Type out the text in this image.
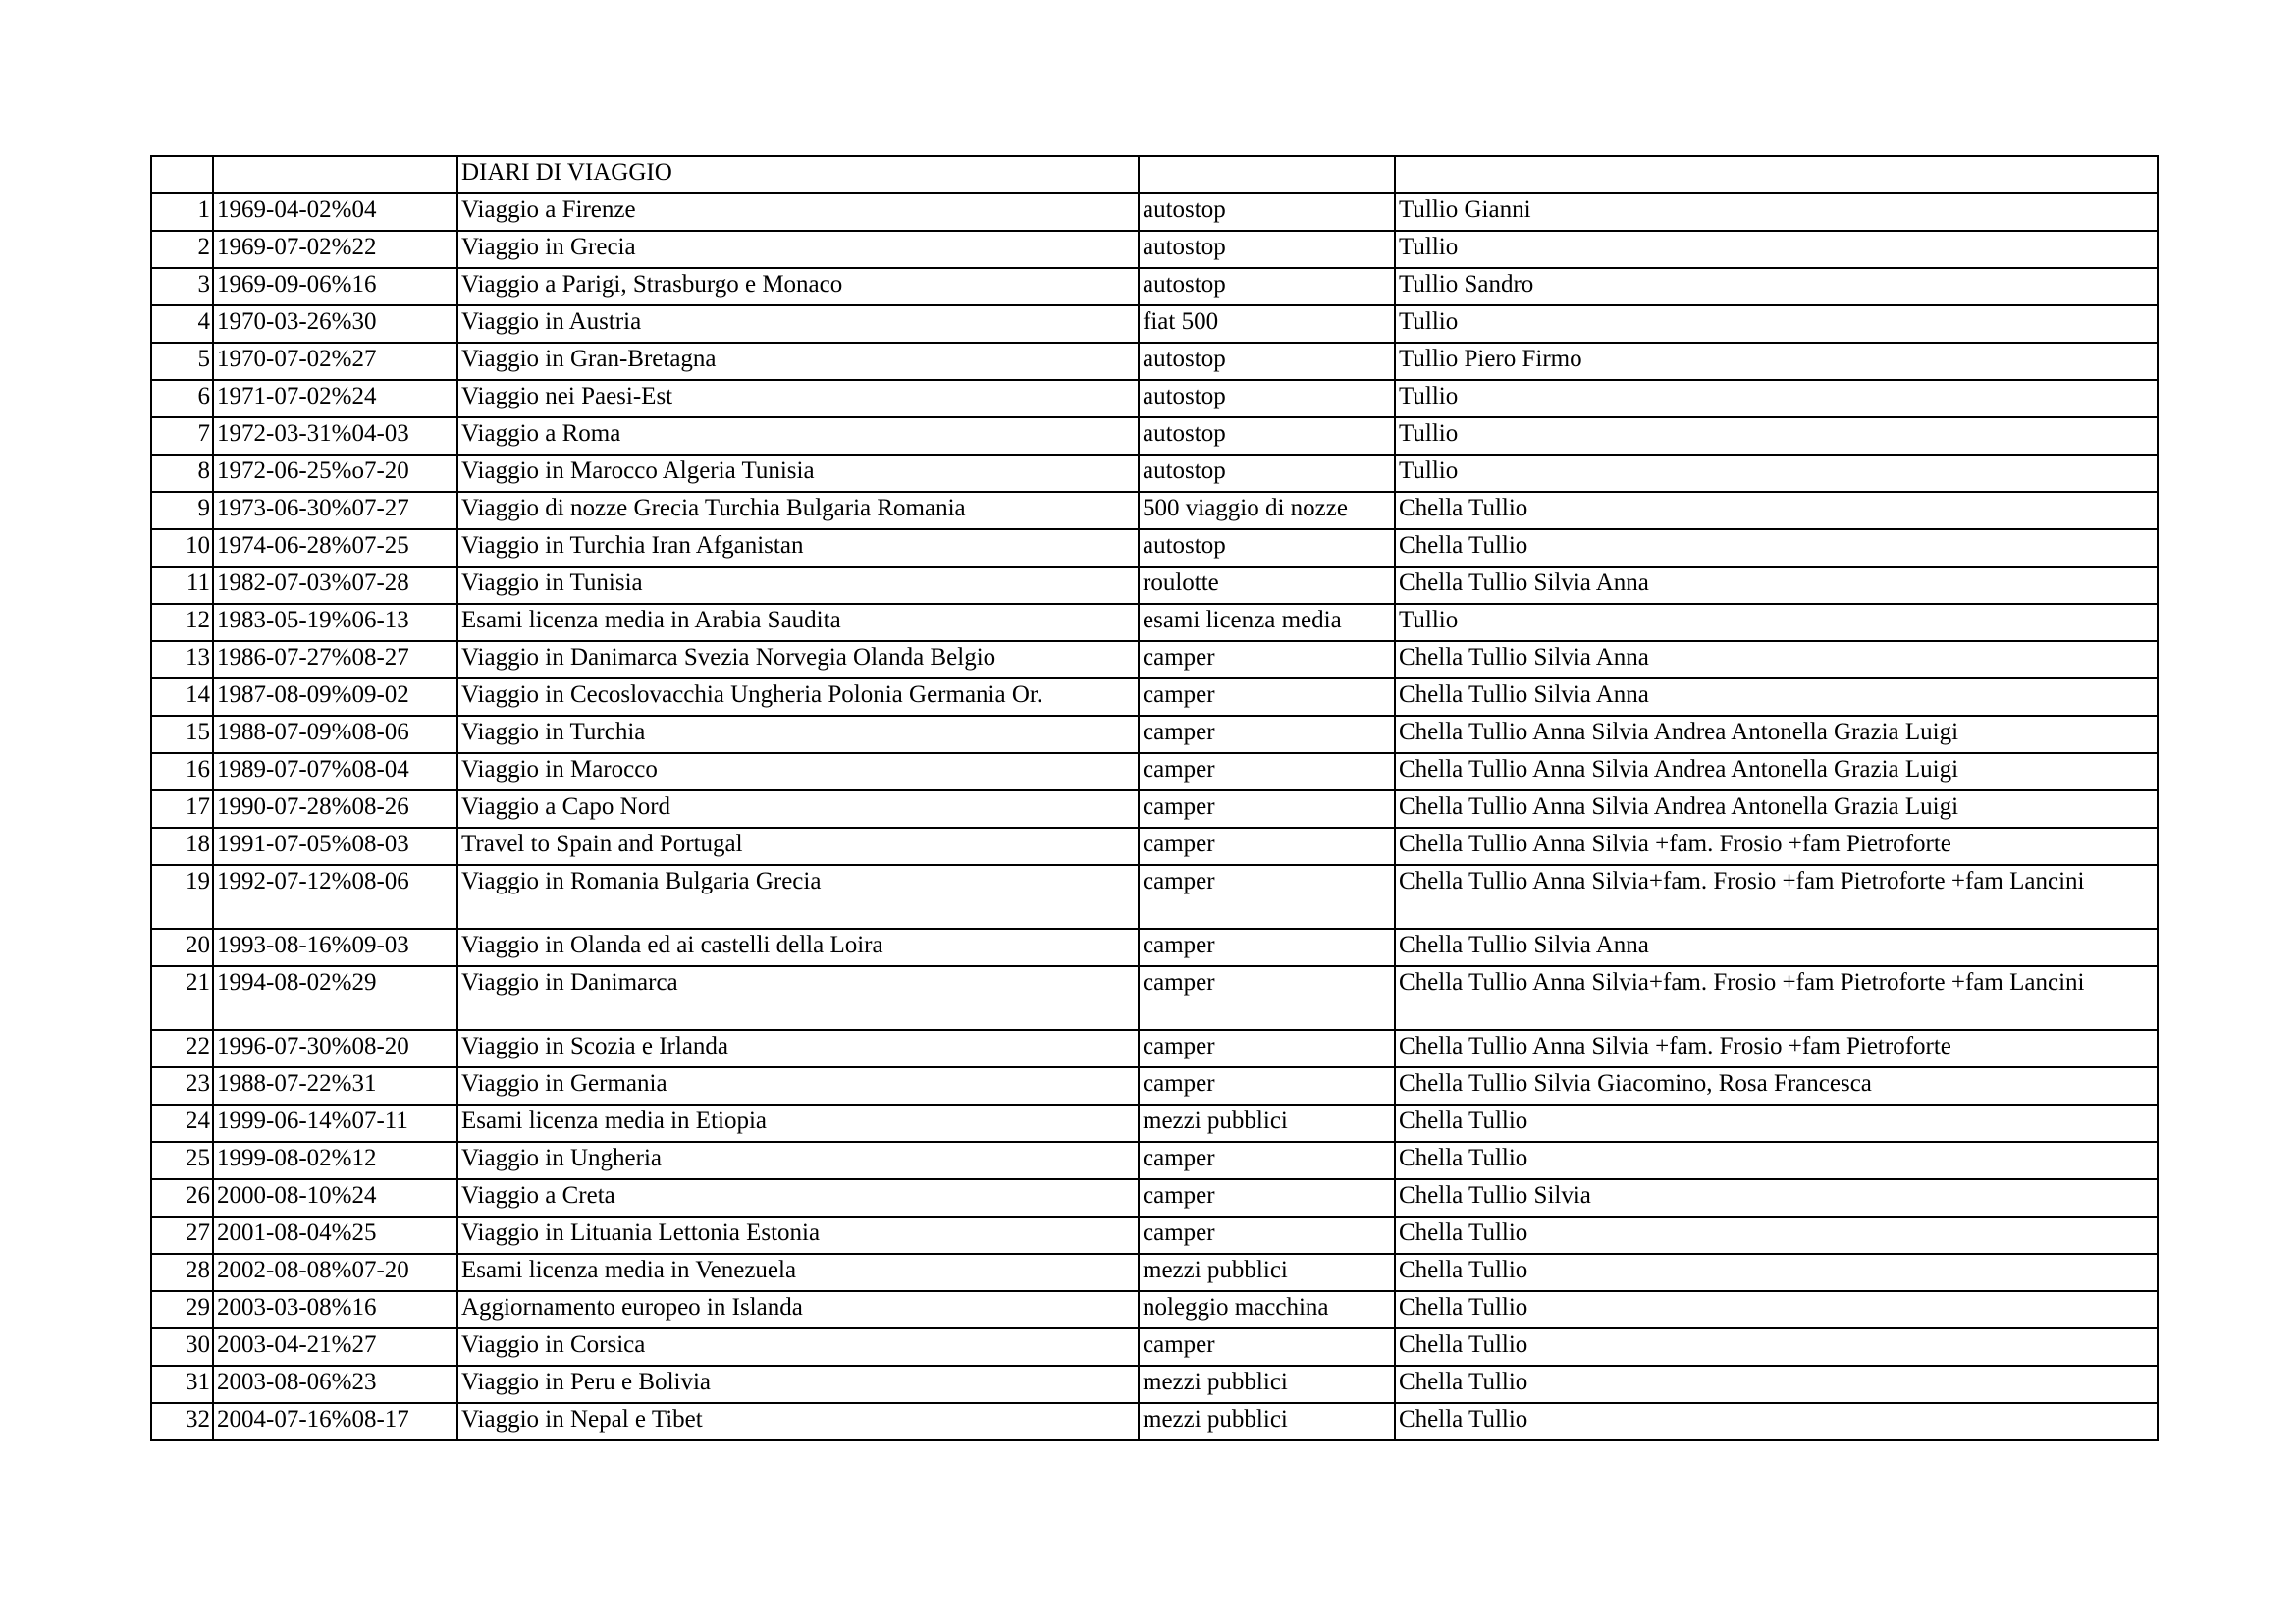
		DIARI DI VIAGGIO		
1	1969-04-02%04	Viaggio a Firenze	autostop	Tullio Gianni
2	1969-07-02%22	Viaggio in Grecia	autostop	Tullio
3	1969-09-06%16	Viaggio a Parigi, Strasburgo e Monaco	autostop	Tullio Sandro
4	1970-03-26%30	Viaggio in Austria	fiat 500	Tullio
5	1970-07-02%27	Viaggio in Gran-Bretagna	autostop	Tullio Piero Firmo
6	1971-07-02%24	Viaggio nei Paesi-Est	autostop	Tullio
7	1972-03-31%04-03	Viaggio a Roma	autostop	Tullio
8	1972-06-25%o7-20	Viaggio in Marocco Algeria Tunisia	autostop	Tullio
9	1973-06-30%07-27	Viaggio di nozze Grecia Turchia Bulgaria Romania	500 viaggio di nozze	Chella Tullio
10	1974-06-28%07-25	Viaggio in Turchia Iran Afganistan	autostop	Chella Tullio
11	1982-07-03%07-28	Viaggio in Tunisia	roulotte	Chella Tullio Silvia Anna
12	1983-05-19%06-13	Esami licenza media in Arabia Saudita	esami licenza media	Tullio
13	1986-07-27%08-27	Viaggio in Danimarca Svezia Norvegia Olanda Belgio	camper	Chella Tullio Silvia Anna
14	1987-08-09%09-02	Viaggio in Cecoslovacchia Ungheria Polonia Germania Or.	camper	Chella Tullio Silvia Anna
15	1988-07-09%08-06	Viaggio in Turchia	camper	Chella Tullio Anna Silvia Andrea Antonella Grazia Luigi
16	1989-07-07%08-04	Viaggio in Marocco	camper	Chella Tullio Anna Silvia Andrea Antonella Grazia Luigi
17	1990-07-28%08-26	Viaggio a Capo Nord	camper	Chella Tullio Anna Silvia Andrea Antonella Grazia Luigi
18	1991-07-05%08-03	Travel to Spain and Portugal	camper	Chella Tullio Anna Silvia +fam. Frosio +fam Pietroforte
19	1992-07-12%08-06	Viaggio in Romania Bulgaria Grecia	camper	Chella Tullio Anna Silvia+fam. Frosio +fam Pietroforte +fam Lancini
20	1993-08-16%09-03	Viaggio in Olanda ed ai castelli della Loira	camper	Chella Tullio Silvia Anna
21	1994-08-02%29	Viaggio in Danimarca	camper	Chella Tullio Anna Silvia+fam. Frosio +fam Pietroforte +fam Lancini
22	1996-07-30%08-20	Viaggio in Scozia e Irlanda	camper	Chella Tullio Anna Silvia +fam. Frosio +fam Pietroforte
23	1988-07-22%31	Viaggio in Germania	camper	Chella Tullio Silvia Giacomino, Rosa Francesca
24	1999-06-14%07-11	Esami licenza media in Etiopia	mezzi pubblici	Chella Tullio
25	1999-08-02%12	Viaggio in Ungheria	camper	Chella Tullio
26	2000-08-10%24	Viaggio a Creta	camper	Chella Tullio Silvia
27	2001-08-04%25	Viaggio in Lituania Lettonia Estonia	camper	Chella Tullio
28	2002-08-08%07-20	Esami licenza media in Venezuela	mezzi pubblici	Chella Tullio
29	2003-03-08%16	Aggiornamento europeo in Islanda	noleggio macchina	Chella Tullio
30	2003-04-21%27	Viaggio in Corsica	camper	Chella Tullio
31	2003-08-06%23	Viaggio in Peru e Bolivia	mezzi pubblici	Chella Tullio
32	2004-07-16%08-17	Viaggio in Nepal e Tibet	mezzi pubblici	Chella Tullio
